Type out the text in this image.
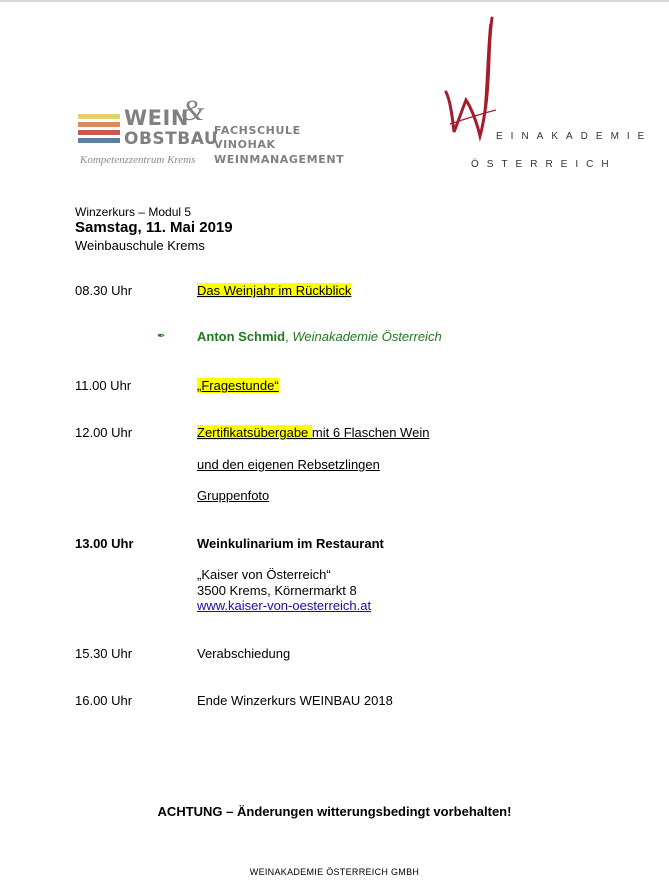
WEIN
&
OBSTBAU
FACHSCHULE
VINOHAK
WEINMANAGEMENT
Kompetenzzentrum Krems
EINAKADEMIE
ÖSTERREICH
Winzerkurs – Modul 5
Samstag, 11. Mai 2019
Weinbauschule Krems
08.30 Uhr	Das Weinjahr im Rückblick
✒ Anton Schmid, Weinakademie Österreich
11.00 Uhr	„Fragestunde“
12.00 Uhr	Zertifikatsübergabe mit 6 Flaschen Wein
und den eigenen Rebsetzlingen
Gruppenfoto
13.00 Uhr	Weinkulinarium im Restaurant
„Kaiser von Österreich“
3500 Krems, Körnermarkt 8
www.kaiser-von-oesterreich.at
15.30 Uhr	Verabschiedung
16.00 Uhr	Ende Winzerkurs WEINBAU 2018
ACHTUNG – Änderungen witterungsbedingt vorbehalten!
WEINAKADEMIE ÖSTERREICH GMBH
